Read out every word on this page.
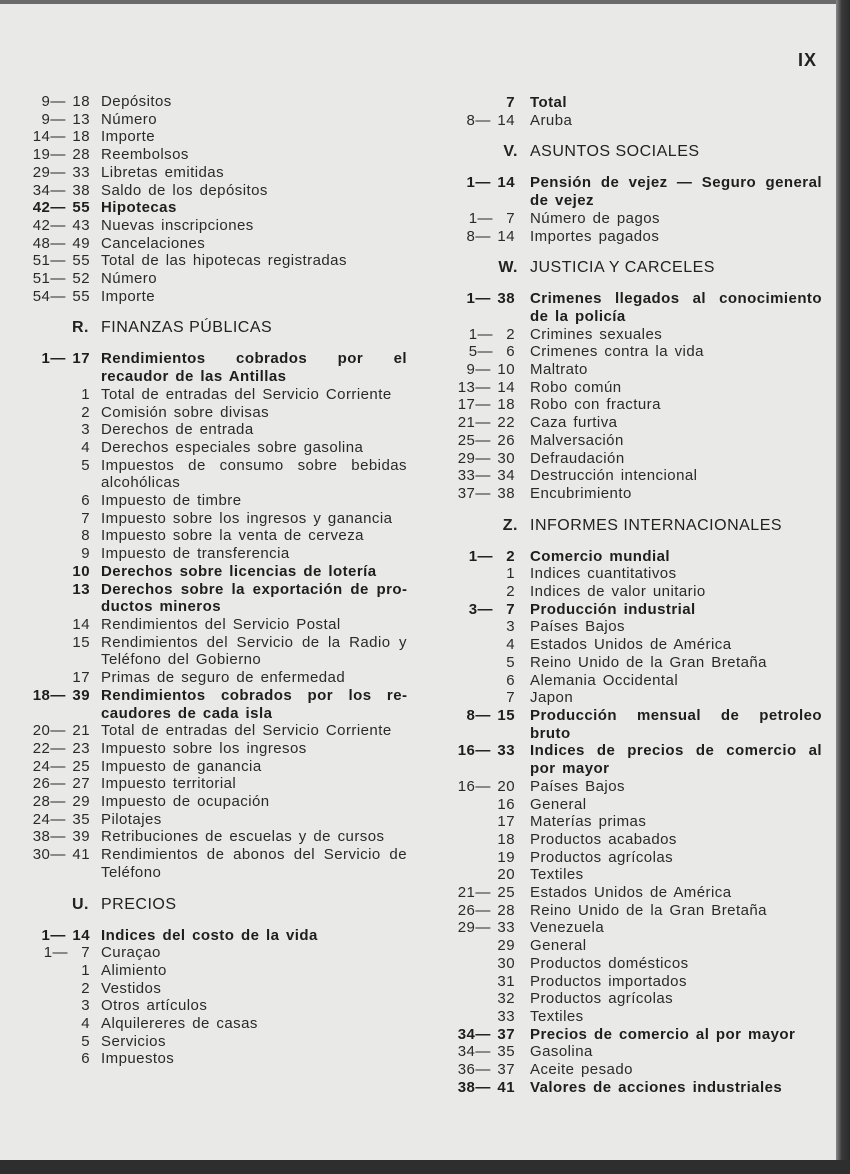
IX
9— 18 Depósitos
9— 13 Número
14— 18 Importe
19— 28 Reembolsos
29— 33 Libretas emitidas
34— 38 Saldo de los depósitos
42— 55 Hipotecas
42— 43 Nuevas inscripciones
48— 49 Cancelaciones
51— 55 Total de las hipotecas registradas
51— 52 Número
54— 55 Importe
R. FINANZAS PÚBLICAS
1— 17 Rendimientos cobrados por el recaudor de las Antillas
1 Total de entradas del Servicio Corriente
2 Comisión sobre divisas
3 Derechos de entrada
4 Derechos especiales sobre gasolina
5 Impuestos de consumo sobre bebidas alcohólicas
6 Impuesto de timbre
7 Impuesto sobre los ingresos y ganancia
8 Impuesto sobre la venta de cerveza
9 Impuesto de transferencia
10 Derechos sobre licencias de lotería
13 Derechos sobre la exportación de productos mineros
14 Rendimientos del Servicio Postal
15 Rendimientos del Servicio de la Radio y Teléfono del Gobierno
17 Primas de seguro de enfermedad
18— 39 Rendimientos cobrados por los recaudores de cada isla
20— 21 Total de entradas del Servicio Corriente
22— 23 Impuesto sobre los ingresos
24— 25 Impuesto de ganancia
26— 27 Impuesto territorial
28— 29 Impuesto de ocupación
24— 35 Pilotajes
38— 39 Retribuciones de escuelas y de cursos
30— 41 Rendimientos de abonos del Servicio de Teléfono
U. PRECIOS
1— 14 Indices del costo de la vida
1—  7 Curaçao
1 Alimiento
2 Vestidos
3 Otros artículos
4 Alquilereres de casas
5 Servicios
6 Impuestos
7 Total
8— 14 Aruba
V. ASUNTOS SOCIALES
1— 14 Pensión de vejez — Seguro general de vejez
1—  7 Número de pagos
8— 14 Importes pagados
W. JUSTICIA Y CARCELES
1— 38 Crimenes llegados al conocimiento de la policía
1—  2 Crimines sexuales
5—  6 Crimenes contra la vida
9— 10 Maltrato
13— 14 Robo común
17— 18 Robo con fractura
21— 22 Caza furtiva
25— 26 Malversación
29— 30 Defraudación
33— 34 Destrucción intencional
37— 38 Encubrimiento
Z. INFORMES INTERNACIONALES
1—  2 Comercio mundial
1 Indices cuantitativos
2 Indices de valor unitario
3—  7 Producción industrial
3 Países Bajos
4 Estados Unidos de América
5 Reino Unido de la Gran Bretaña
6 Alemania Occidental
7 Japon
8— 15 Producción mensual de petroleo bruto
16— 33 Indices de precios de comercio al por mayor
16— 20 Países Bajos
16 General
17 Materías primas
18 Productos acabados
19 Productos agrícolas
20 Textiles
21— 25 Estados Unidos de América
26— 28 Reino Unido de la Gran Bretaña
29— 33 Venezuela
29 General
30 Productos domésticos
31 Productos importados
32 Productos agrícolas
33 Textiles
34— 37 Precios de comercio al por mayor
34— 35 Gasolina
36— 37 Aceite pesado
38— 41 Valores de acciones industriales
